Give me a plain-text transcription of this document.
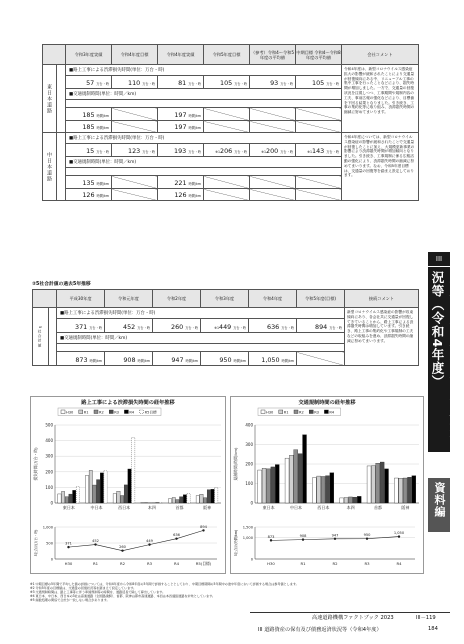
		令和3年度実績	令和4年度目標	令和4年度実績	令和5年度目標	（参考）令和4～令和5年度の平均値	中期目標 令和4～令和8年度の平均値	会社コメント
東日本道路		■路上工事による渋滞損失時間(単位：万台・時)						令和4年度は、新型コロナウイルス感染症拡大の影響が緩和されたことにより交通量が回復傾向にある中、リニューアル工事の集中工事を行ったことなどにより、損失時間が増加しました。一方で、交通量の回復状況を注視しつつ、工事期間や規制内容の工夫、事前広報の強化などにより、目標値を下回る結果となりました。引き続き、工事の集約化等に取り組み、渋滞損失時間の縮減に努めてまいります。
		57 万台・時	110 万台・時	81 万台・時	105 万台・時	93 万台・時	105 万台・時	
		■交通規制時間(単位：時間／km)						

		185 時間/km		197 時間/km				
		185 時間/km		197 時間/km				
中日本道路		■路上工事による渋滞損失時間(単位：万台・時)						令和4年度については、新型コロナウイルス感染症の影響が緩和されたことで交通量が回復したことに加え、大規模更新事業の影響により渋滞損失時間が増加傾向となりました。引き続き、工事規制に係る広報活動の強化により、渋滞損失時間の縮減に努めてまいります。なお、令和5年度目標は、交通量の回復等を踏まえ設定しております。
		15 万台・時	123 万台・時	193 万台・時	※1206 万台・時	※1200 万台・時	※1143 万台・時	
		■交通規制時間(単位：時間／km)						

		135 時間/km		221 時間/km				
		126 時間/km		126 時間/km				
②5社合計値の過去5年推移
		平成30年度	令和元年度	令和2年度	令和3年度	令和4年度	令和5年度(目標)	接続コメント
5社合計値		■路上工事による渋滞損失時間(単位：万台・時)						新型コロナウイルス感染症の影響が収束傾向にあり、各会社共に交通量が回復してきていることから、路上工事による渋滞損失時間は増加しています。引き続き、路上工事の集約化や工事規制の工夫などの取組みを進め、渋滞損失時間の縮減に努めてまいります。
		371 万台・時	452 万台・時	260 万台・時	※1449 万台・時	636 万台・時	894 万台・時	
		■交通規制時間(単位：時間／km)						

		873 時間/km	908 時間/km	947 時間/km	950 時間/km	1,050 時間/km		
路上工事による渋滞損失時間の経年推移
0
100
200
300
400
500
損失時間(万台・時)
H30	R1	R2	R3	R4	R5目標
東日本	中日本	西日本	本四	首都	阪神
0
500
1,000
5社合計(万台・時)	371
H30
452
R1
260
R2
449
R3
636
R4
894
R5(目標)
交通規制時間の経年推移
0
100
200
300
400
規制時間(時間/km)
H30	R1	R2	R3	R4
東日本	中日本	西日本	本四	首都	阪神
0
1,000
1,500
5社合計(時間/km)	873
H30
908
R1
947
R2
950
R3
1,050
R4
※1 中期目標の5年間で平均した値の評価については、令和4年度から令和8年度の5年間で評価することとしており、中期目標期間の5年間中の途中年度において評価する場合は参考値とします。
※2 令和5年度の目標値は、交通量の回復状況等を踏まえて設定しています。
※3 交通規制時間は、路上工事等に伴う車線規制等の時間を、道路延長で除して算出しています。
※4 東日本、中日本、西日本の3社は高速道路（全国路線網）、首都、阪神は都市高速道路、本四は本四連絡道路を対象としています。
※5 端数処理の関係で合計が一致しない場合があります。
III
道路資産の保有及び債務返済状況等（令和4年度）
資料編
高速道路機構ファクトブック 2023	III－119
III 道路資産の保有及び債務返済状況等（令和4年度）	184
